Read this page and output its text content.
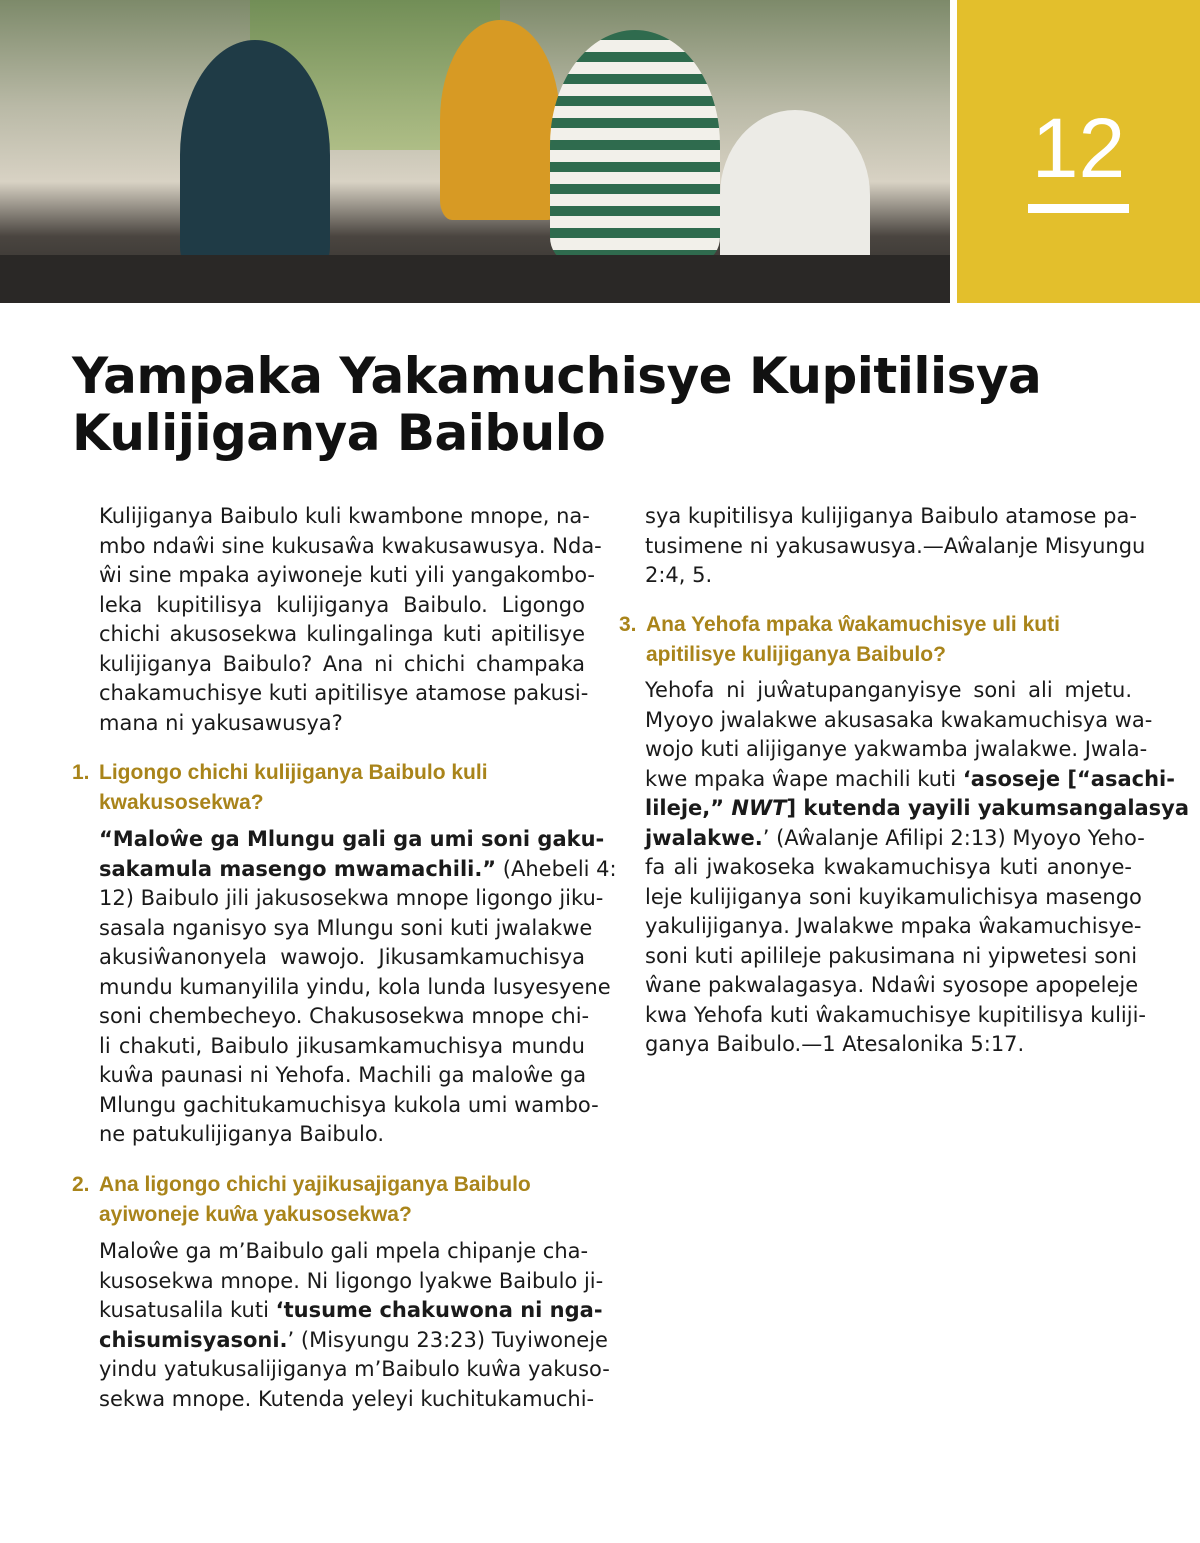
12
Yampaka Yakamuchisye Kupitilisya
Kulijiganya Baibulo
Kulijiganya Baibulo kuli kwambone mnope, na-
mbo ndaŵi sine kukusaŵa kwakusawusya. Nda-
ŵi sine mpaka ayiwoneje kuti yili yangakombo-
leka kupitilisya kulijiganya Baibulo. Ligongo
chichi akusosekwa kulingalinga kuti apitilisye
kulijiganya Baibulo? Ana ni chichi champaka
chakamuchisye kuti apitilisye atamose pakusi-
mana ni yakusawusya?
1. Ligongo chichi kulijiganya Baibulo kuli
kwakusosekwa?
“Maloŵe ga Mlungu gali ga umi soni gaku-
sakamula masengo mwamachili.” (Ahebeli 4:
12) Baibulo jili jakusosekwa mnope ligongo jiku-
sasala nganisyo sya Mlungu soni kuti jwalakwe
akusiŵanonyela wawojo. Jikusamkamuchisya
mundu kumanyilila yindu, kola lunda lusyesyene
soni chembecheyo. Chakusosekwa mnope chi-
li chakuti, Baibulo jikusamkamuchisya mundu
kuŵa paunasi ni Yehofa. Machili ga maloŵe ga
Mlungu gachitukamuchisya kukola umi wambo-
ne patukulijiganya Baibulo.
2. Ana ligongo chichi yajikusajiganya Baibulo
ayiwoneje kuŵa yakusosekwa?
Maloŵe ga m’Baibulo gali mpela chipanje cha-
kusosekwa mnope. Ni ligongo lyakwe Baibulo ji-
kusatusalila kuti ‘tusume chakuwona ni nga-
chisumisyasoni.’ (Misyungu 23:23) Tuyiwoneje
yindu yatukusalijiganya m’Baibulo kuŵa yakuso-
sekwa mnope. Kutenda yeleyi kuchitukamuchi-
3. Ana Yehofa mpaka ŵakamuchisye uli kuti
apitilisye kulijiganya Baibulo?
Yehofa ni juŵatupanganyisye soni ali mjetu.
Myoyo jwalakwe akusasaka kwakamuchisya wa-
wojo kuti alijiganye yakwamba jwalakwe. Jwala-
kwe mpaka ŵape machili kuti ‘asoseje [“asachi-
lileje,” NWT] kutenda yayili yakumsangalasya
jwalakwe.’ (Aŵalanje Afilipi 2:13) Myoyo Yeho-
fa ali jwakoseka kwakamuchisya kuti anonye-
leje kulijiganya soni kuyikamulichisya masengo
yakulijiganya. Jwalakwe mpaka ŵakamuchisye-
soni kuti apilileje pakusimana ni yipwetesi soni
ŵane pakwalagasya. Ndaŵi syosope apopeleje
kwa Yehofa kuti ŵakamuchisye kupitilisya kuliji-
ganya Baibulo.—1 Atesalonika 5:17.
sya kupitilisya kulijiganya Baibulo atamose pa-
tusimene ni yakusawusya.—Aŵalanje Misyungu
2:4, 5.
